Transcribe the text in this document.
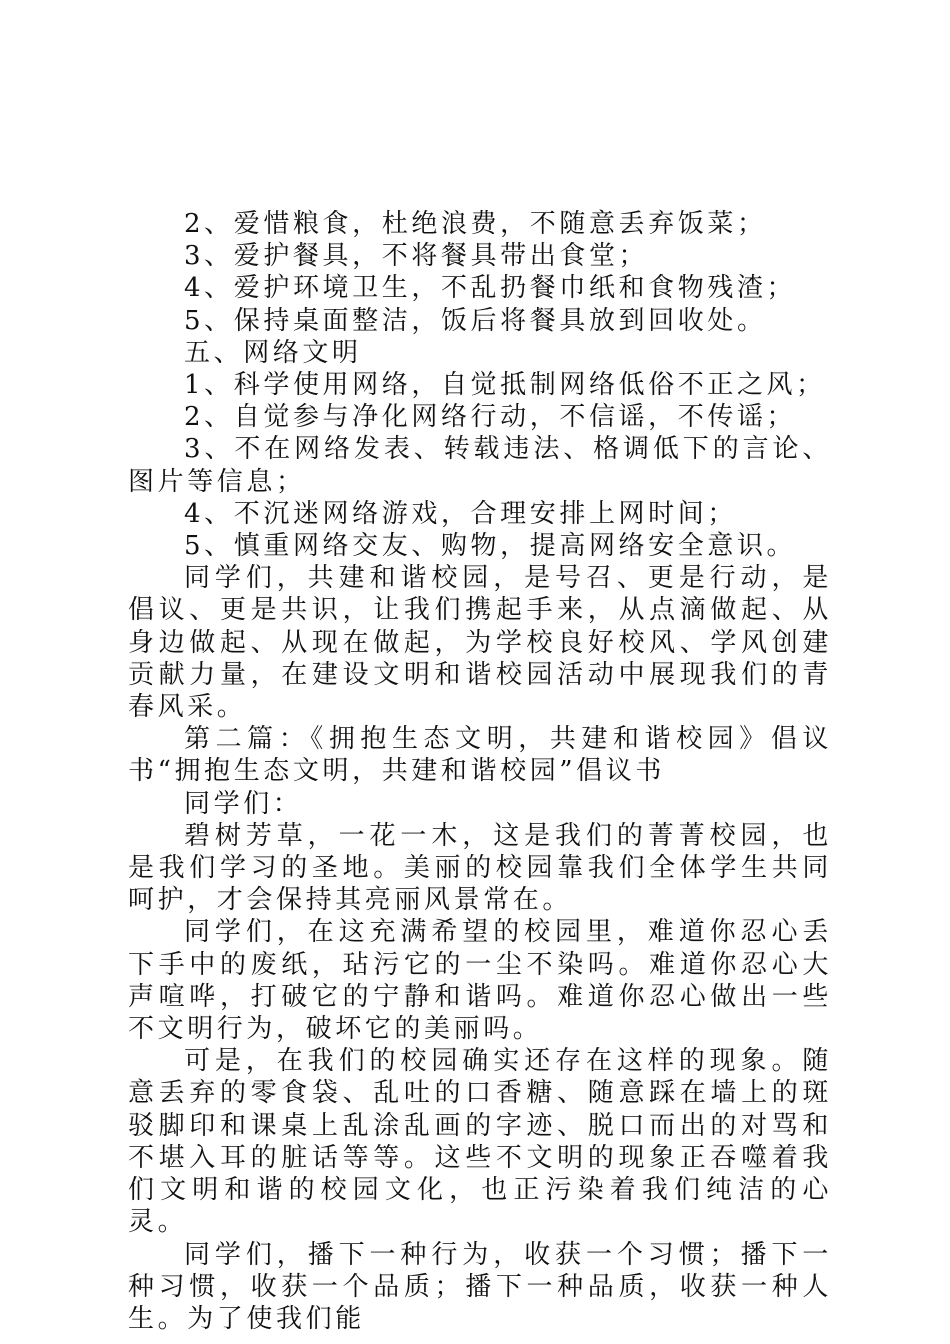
2、爱惜粮食，杜绝浪费，不随意丢弃饭菜；

3、爱护餐具，不将餐具带出食堂；

4、爱护环境卫生，不乱扔餐巾纸和食物残渣；

5、保持桌面整洁，饭后将餐具放到回收处。

五、网络文明

1、科学使用网络，自觉抵制网络低俗不正之风；

2、自觉参与净化网络行动，不信谣，不传谣；

3、不在网络发表、转载违法、格调低下的言论、图片等信息；

4、不沉迷网络游戏，合理安排上网时间；

5、慎重网络交友、购物，提高网络安全意识。

同学们，共建和谐校园，是号召、更是行动，是倡议、更是共识，让我们携起手来，从点滴做起、从身边做起、从现在做起，为学校良好校风、学风创建贡献力量，在建设文明和谐校园活动中展现我们的青春风采。

第二篇：《拥抱生态文明，共建和谐校园》倡议书“拥抱生态文明，共建和谐校园”倡议书

同学们：

碧树芳草，一花一木，这是我们的菁菁校园，也是我们学习的圣地。美丽的校园靠我们全体学生共同呵护，才会保持其亮丽风景常在。

同学们，在这充满希望的校园里，难道你忍心丢下手中的废纸，玷污它的一尘不染吗。难道你忍心大声喧哗，打破它的宁静和谐吗。难道你忍心做出一些不文明行为，破坏它的美丽吗。

可是，在我们的校园确实还存在这样的现象。随意丢弃的零食袋、乱吐的口香糖、随意踩在墙上的斑驳脚印和课桌上乱涂乱画的字迹、脱口而出的对骂和不堪入耳的脏话等等。这些不文明的现象正吞噬着我们文明和谐的校园文化，也正污染着我们纯洁的心灵。

同学们，播下一种行为，收获一个习惯；播下一种习惯，收获一个品质；播下一种品质，收获一种人生。为了使我们能
